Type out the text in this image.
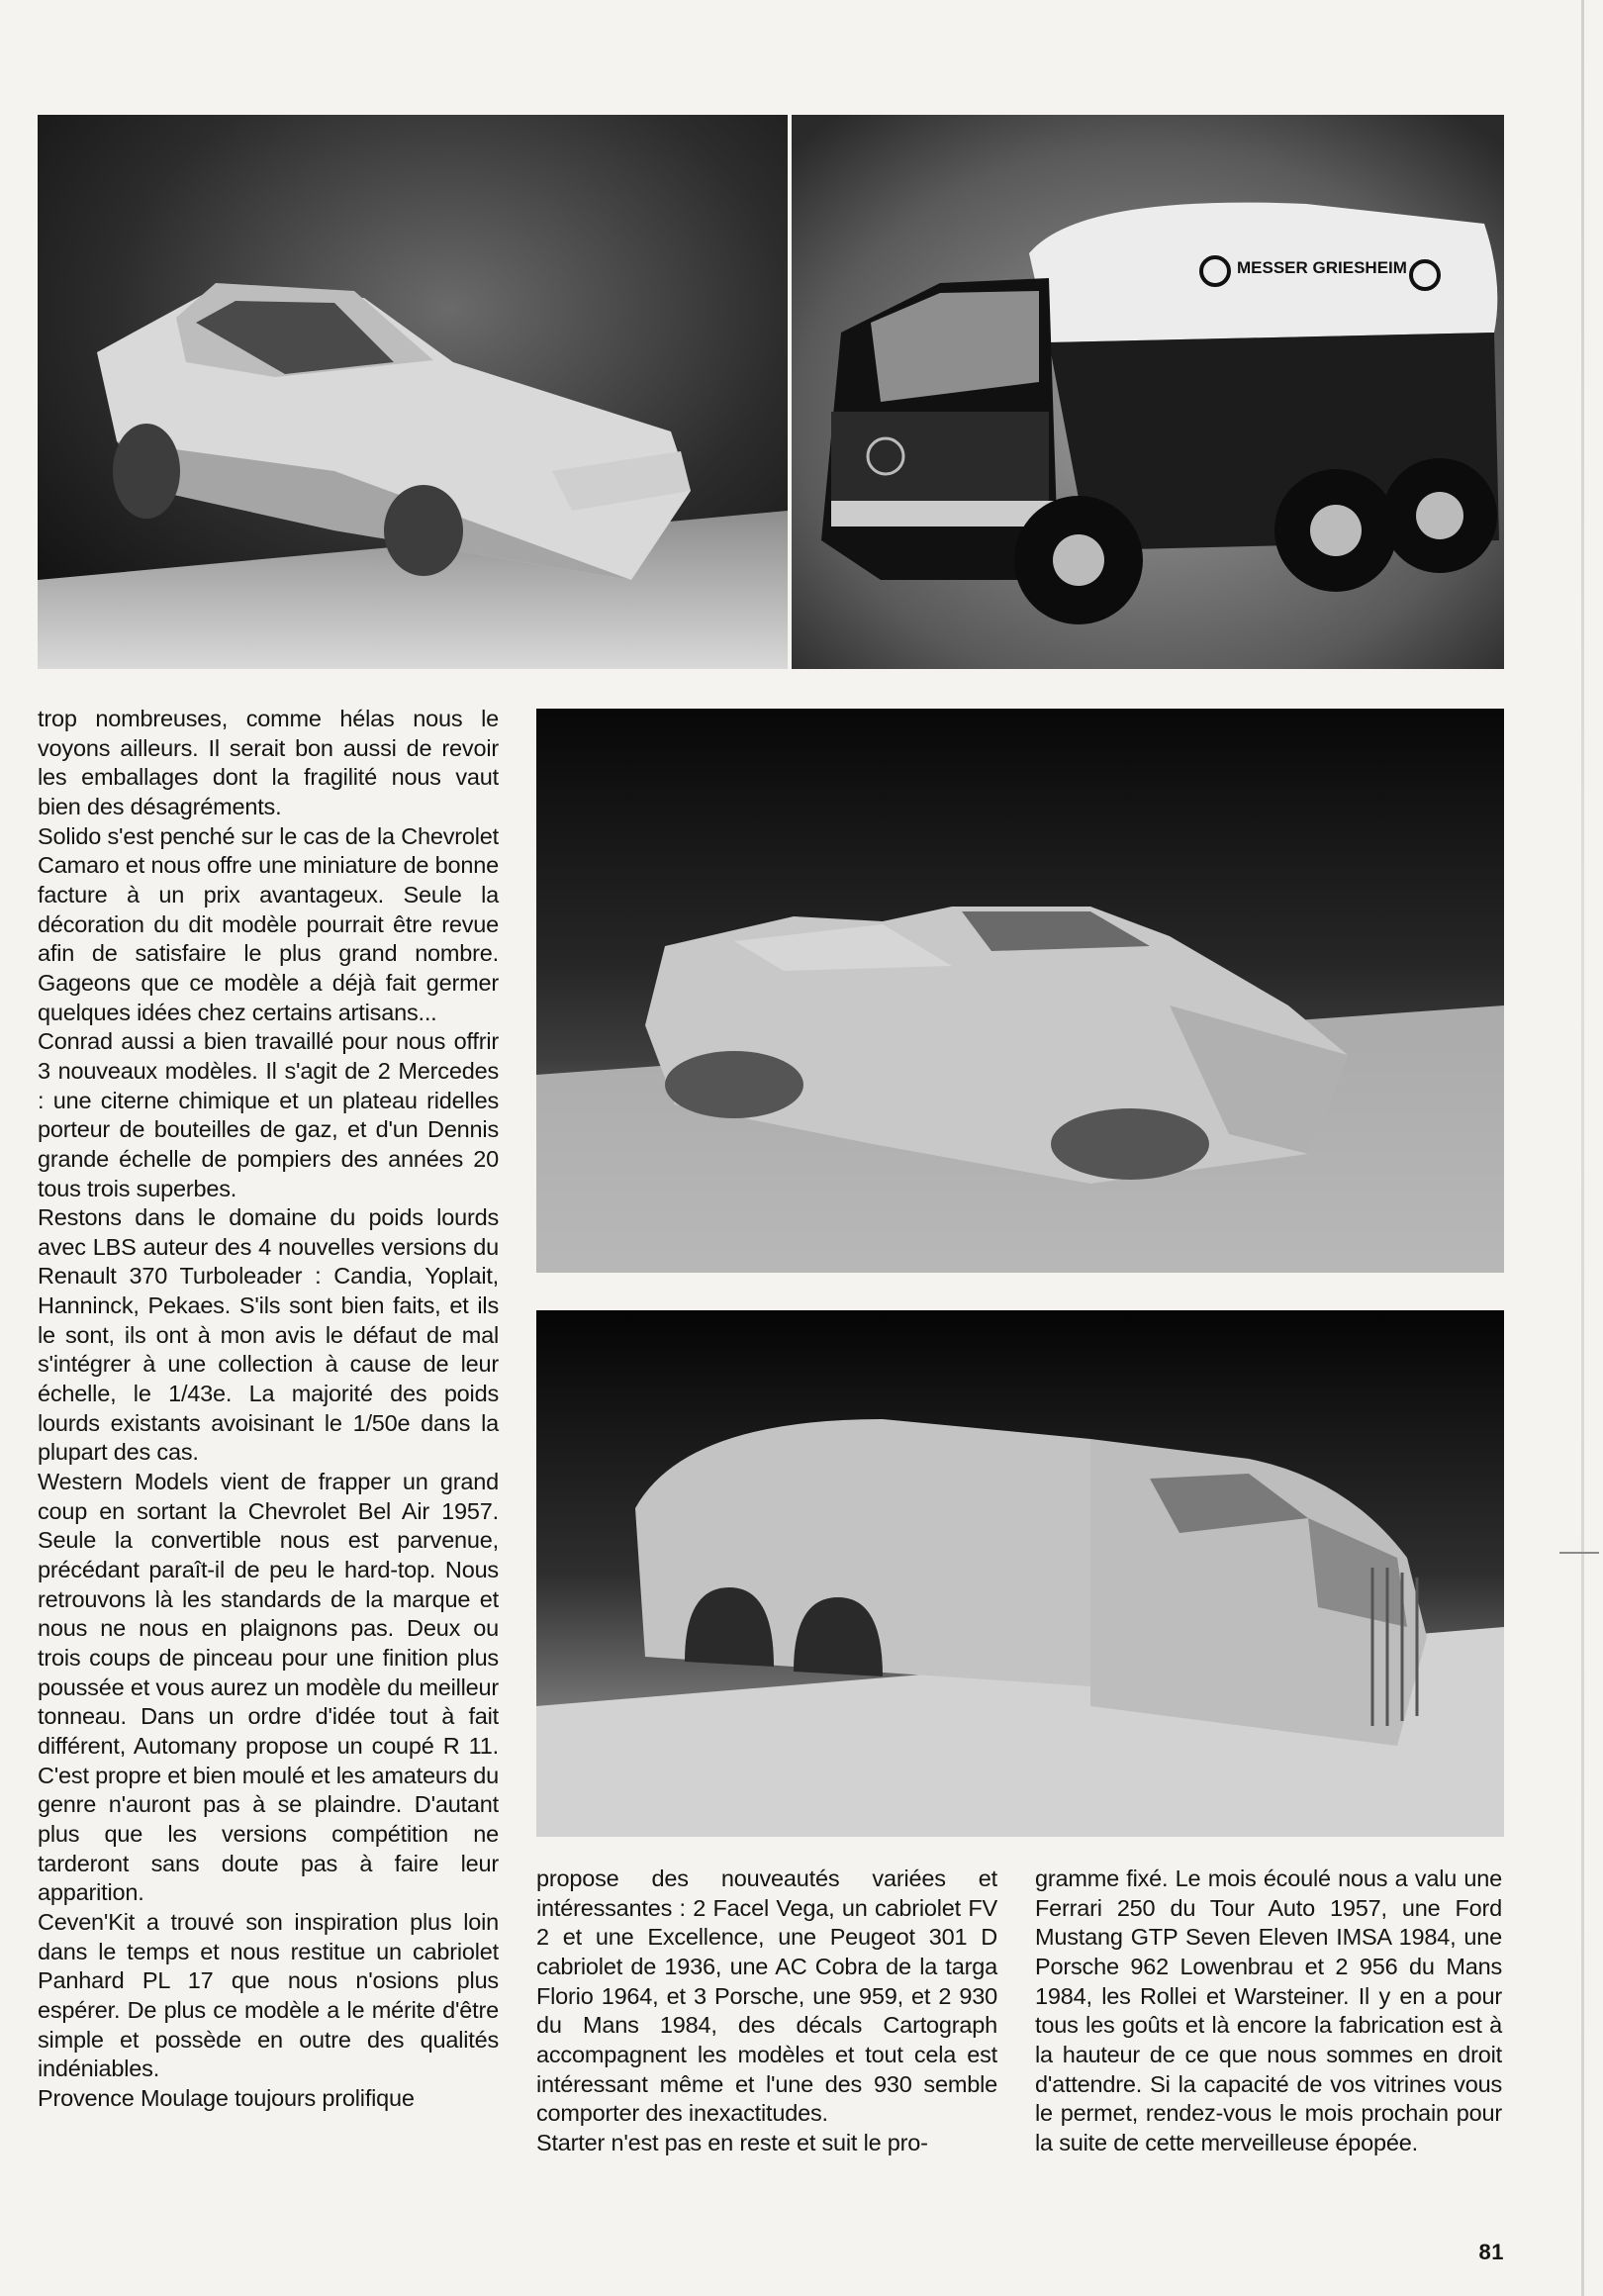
MESSER GRIESHEIM

trop nombreuses, comme hélas nous le voyons ailleurs. Il serait bon aussi de revoir les emballages dont la fragilité nous vaut bien des désagréments.

Solido s'est penché sur le cas de la Chevrolet Camaro et nous offre une miniature de bonne facture à un prix avantageux. Seule la décoration du dit modèle pourrait être revue afin de satisfaire le plus grand nombre. Gageons que ce modèle a déjà fait germer quelques idées chez certains artisans...

Conrad aussi a bien travaillé pour nous offrir 3 nouveaux modèles. Il s'agit de 2 Mercedes : une citerne chimique et un plateau ridelles porteur de bouteilles de gaz, et d'un Dennis grande échelle de pompiers des années 20 tous trois superbes.

Restons dans le domaine du poids lourds avec LBS auteur des 4 nouvelles versions du Renault 370 Turboleader : Candia, Yoplait, Hanninck, Pekaes. S'ils sont bien faits, et ils le sont, ils ont à mon avis le défaut de mal s'intégrer à une collection à cause de leur échelle, le 1/43e. La majorité des poids lourds existants avoisinant le 1/50e dans la plupart des cas.

Western Models vient de frapper un grand coup en sortant la Chevrolet Bel Air 1957. Seule la convertible nous est parvenue, précédant paraît-il de peu le hard-top. Nous retrouvons là les standards de la marque et nous ne nous en plaignons pas. Deux ou trois coups de pinceau pour une finition plus poussée et vous aurez un modèle du meilleur tonneau. Dans un ordre d'idée tout à fait différent, Automany propose un coupé R 11. C'est propre et bien moulé et les amateurs du genre n'auront pas à se plaindre. D'autant plus que les versions compétition ne tarderont sans doute pas à faire leur apparition.

Ceven'Kit a trouvé son inspiration plus loin dans le temps et nous restitue un cabriolet Panhard PL 17 que nous n'osions plus espérer. De plus ce modèle a le mérite d'être simple et possède en outre des qualités indéniables.

Provence Moulage toujours prolifique

propose des nouveautés variées et intéressantes : 2 Facel Vega, un cabriolet FV 2 et une Excellence, une Peugeot 301 D cabriolet de 1936, une AC Cobra de la targa Florio 1964, et 3 Porsche, une 959, et 2 930 du Mans 1984, des décals Cartograph accompagnent les modèles et tout cela est intéressant même et l'une des 930 semble comporter des inexactitudes.

Starter n'est pas en reste et suit le pro-

gramme fixé. Le mois écoulé nous a valu une Ferrari 250 du Tour Auto 1957, une Ford Mustang GTP Seven Eleven IMSA 1984, une Porsche 962 Lowenbrau et 2 956 du Mans 1984, les Rollei et Warsteiner. Il y en a pour tous les goûts et là encore la fabrication est à la hauteur de ce que nous sommes en droit d'attendre. Si la capacité de vos vitrines vous le permet, rendez-vous le mois prochain pour la suite de cette merveilleuse épopée.

81
